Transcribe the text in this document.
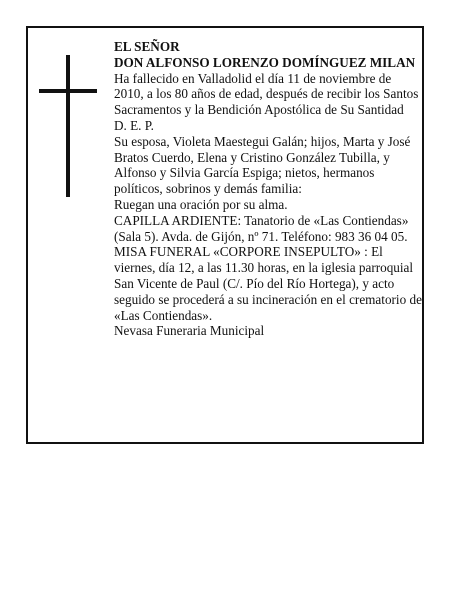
EL SEÑOR

DON ALFONSO LORENZO DOMÍNGUEZ MILAN

Ha fallecido en Valladolid el día 11 de noviembre de 2010, a los 80 años de edad, después de recibir los Santos Sacramentos y la Bendición Apostólica de Su Santidad

D. E. P.

Su esposa, Violeta Maestegui Galán; hijos, Marta y José Bratos Cuerdo, Elena y Cristino González Tubilla, y Alfonso y Silvia García Espiga; nietos, hermanos políticos, sobrinos y demás familia:

Ruegan una oración por su alma.

CAPILLA ARDIENTE: Tanatorio de «Las Contiendas» (Sala 5). Avda. de Gijón, nº 71. Teléfono: 983 36 04 05.

MISA FUNERAL «CORPORE INSEPULTO» : El viernes, día 12, a las 11.30 horas, en la iglesia parroquial San Vicente de Paul (C/. Pío del Río Hortega), y acto seguido se procederá a su incineración en el crematorio de «Las Contiendas».

Nevasa Funeraria Municipal
